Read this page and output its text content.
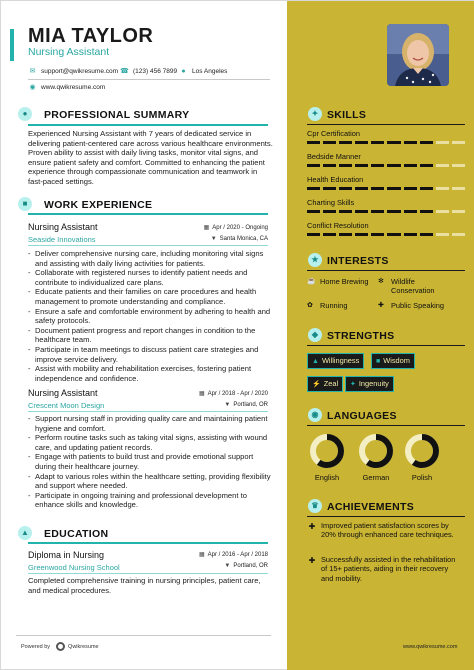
MIA TAYLOR
Nursing Assistant
✉ support@qwikresume.com ☎ (123) 456 7899 ● Los Angeles
◉ www.qwikresume.com
●	PROFESSIONAL SUMMARY
Experienced Nursing Assistant with 7 years of dedicated service in delivering patient-centered care across various healthcare environments. Proven ability to assist with daily living tasks, monitor vital signs, and ensure patient safety and comfort. Committed to enhancing the patient experience through compassionate communication and teamwork in fast-paced settings.
■	WORK EXPERIENCE
Nursing Assistant
Seaside Innovations
▦ Apr / 2020 - Ongoing
▼ Santa Monica, CA
- Deliver comprehensive nursing care, including monitoring vital signs and assisting with daily living activities for patients.
- Collaborate with registered nurses to identify patient needs and contribute to individualized care plans.
- Educate patients and their families on care procedures and health management to promote understanding and compliance.
- Ensure a safe and comfortable environment by adhering to health and safety protocols.
- Document patient progress and report changes in condition to the healthcare team.
- Participate in team meetings to discuss patient care strategies and improve service delivery.
- Assist with mobility and rehabilitation exercises, fostering patient independence and confidence.
Nursing Assistant
Crescent Moon Design
▦ Apr / 2018 - Apr / 2020
▼ Portland, OR
- Support nursing staff in providing quality care and maintaining patient hygiene and comfort.
- Perform routine tasks such as taking vital signs, assisting with wound care, and updating patient records.
- Engage with patients to build trust and provide emotional support during their healthcare journey.
- Adapt to various roles within the healthcare setting, providing flexibility and support where needed.
- Participate in ongoing training and professional development to enhance skills and knowledge.
▲ EDUCATION
Diploma in Nursing
Greenwood Nursing School
▦ Apr / 2016 - Apr / 2018
▼ Portland, OR
Completed comprehensive training in nursing principles, patient care, and medical procedures.
Powered by	Qwikresume	www.qwikresume.com
✦ SKILLS
Cpr Certification
Bedside Manner
Health Education
Charting Skills
Conflict Resolution
★ INTERESTS
☕ Home Brewing ✻ Wildlife Conservation
✿ Running	✚ Public Speaking
◆ STRENGTHS
▲ Willingness	■ Wisdom
⚡ Zeal	✦ Ingenuity
◉ LANGUAGES
English	German	Polish
♛ ACHIEVEMENTS
✚ Improved patient satisfaction scores by 20% through enhanced care techniques.
✚ Successfully assisted in the rehabilitation of 15+ patients, aiding in their recovery and mobility.
